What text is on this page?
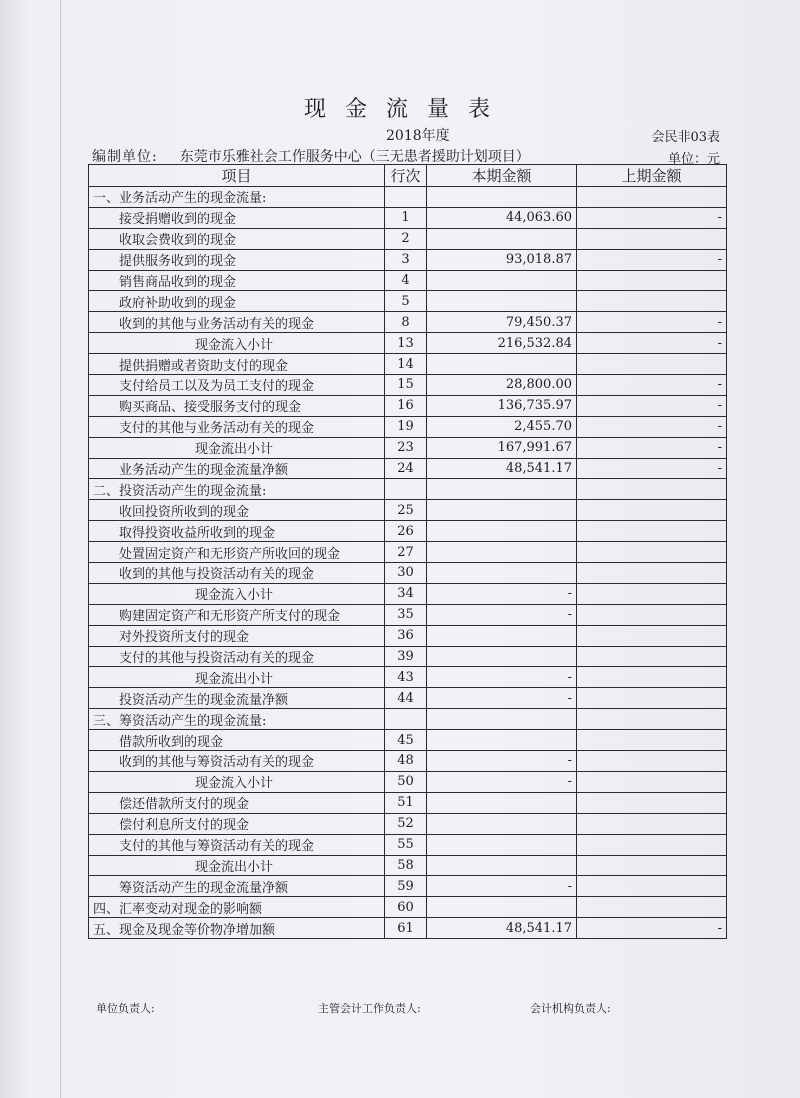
现 金 流 量 表
2018年度	会民非03表
编制单位: 东莞市乐雅社会工作服务中心（三无患者援助计划项目）	单位：元
项目	行次	本期金额	上期金额
一、业务活动产生的现金流量:			
接受捐赠收到的现金	1	44,063.60	-
收取会费收到的现金	2		
提供服务收到的现金	3	93,018.87	-
销售商品收到的现金	4		
政府补助收到的现金	5		
收到的其他与业务活动有关的现金	8	79,450.37	-
现金流入小计	13	216,532.84	-
提供捐赠或者资助支付的现金	14		
支付给员工以及为员工支付的现金	15	28,800.00	-
购买商品、接受服务支付的现金	16	136,735.97	-
支付的其他与业务活动有关的现金	19	2,455.70	-
现金流出小计	23	167,991.67	-
业务活动产生的现金流量净额	24	48,541.17	-
二、投资活动产生的现金流量:			
收回投资所收到的现金	25		
取得投资收益所收到的现金	26		
处置固定资产和无形资产所收回的现金	27		
收到的其他与投资活动有关的现金	30		
现金流入小计	34	-	
购建固定资产和无形资产所支付的现金	35	-	
对外投资所支付的现金	36		
支付的其他与投资活动有关的现金	39		
现金流出小计	43	-	
投资活动产生的现金流量净额	44	-	
三、筹资活动产生的现金流量:			
借款所收到的现金	45		
收到的其他与筹资活动有关的现金	48	-	
现金流入小计	50	-	
偿还借款所支付的现金	51		
偿付利息所支付的现金	52		
支付的其他与筹资活动有关的现金	55		
现金流出小计	58		
筹资活动产生的现金流量净额	59	-	
四、汇率变动对现金的影响额	60		
五、现金及现金等价物净增加额	61	48,541.17	-
单位负责人:	主管会计工作负责人:	会计机构负责人:
